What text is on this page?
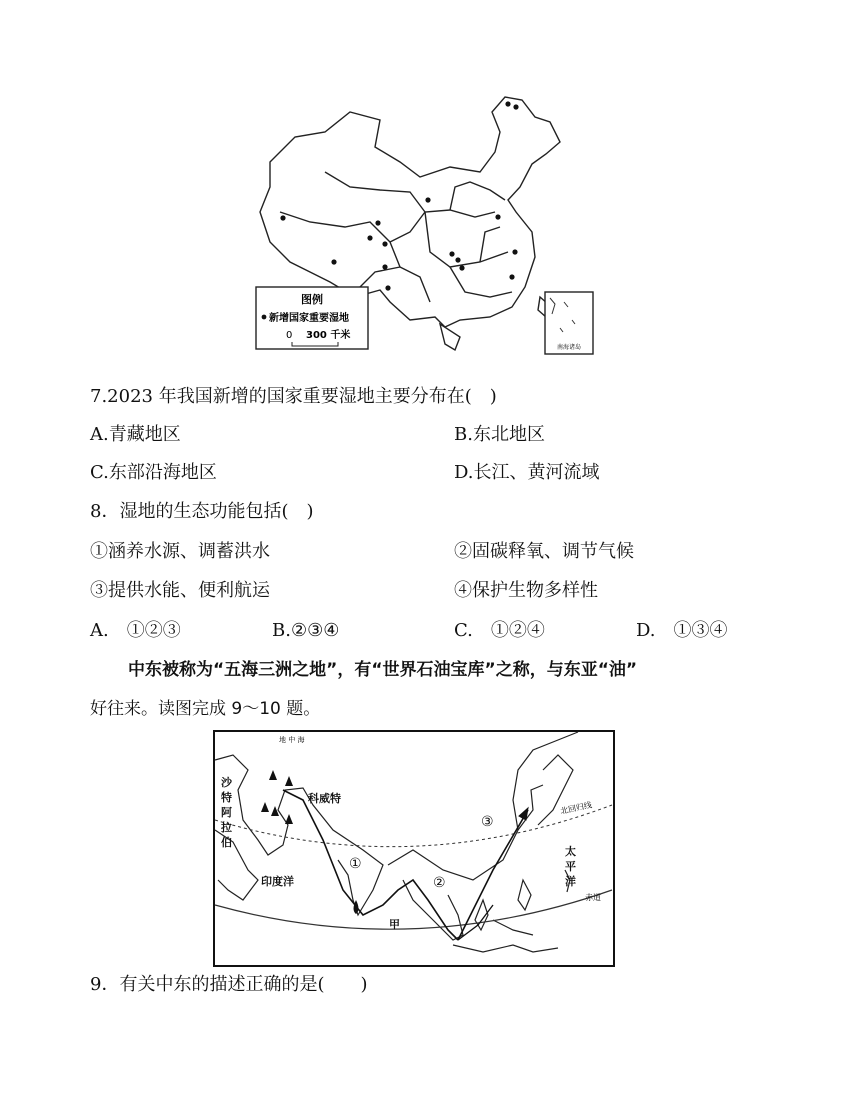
图例
新增国家重要湿地
0 300 千米
南海诸岛
7.2023 年我国新增的国家重要湿地主要分布在(　)
A.青藏地区	B.东北地区
C.东部沿海地区	D.长江、黄河流域
8．湿地的生态功能包括(　)
①涵养水源、调蓄洪水	②固碳释氧、调节气候
③提供水能、便利航运	④保护生物多样性
A.　①②③	B.②③④	C.　①②④	D.　①③④
中东被称为“五海三洲之地”，有“世界石油宝库”之称，与东亚“油”
好往来。读图完成 9～10 题。
地 中 海
沙
特
阿
拉
伯
科威特
印度洋
太
平
洋
甲
北回归线
赤道
①
②
③
9．有关中东的描述正确的是(　　)
